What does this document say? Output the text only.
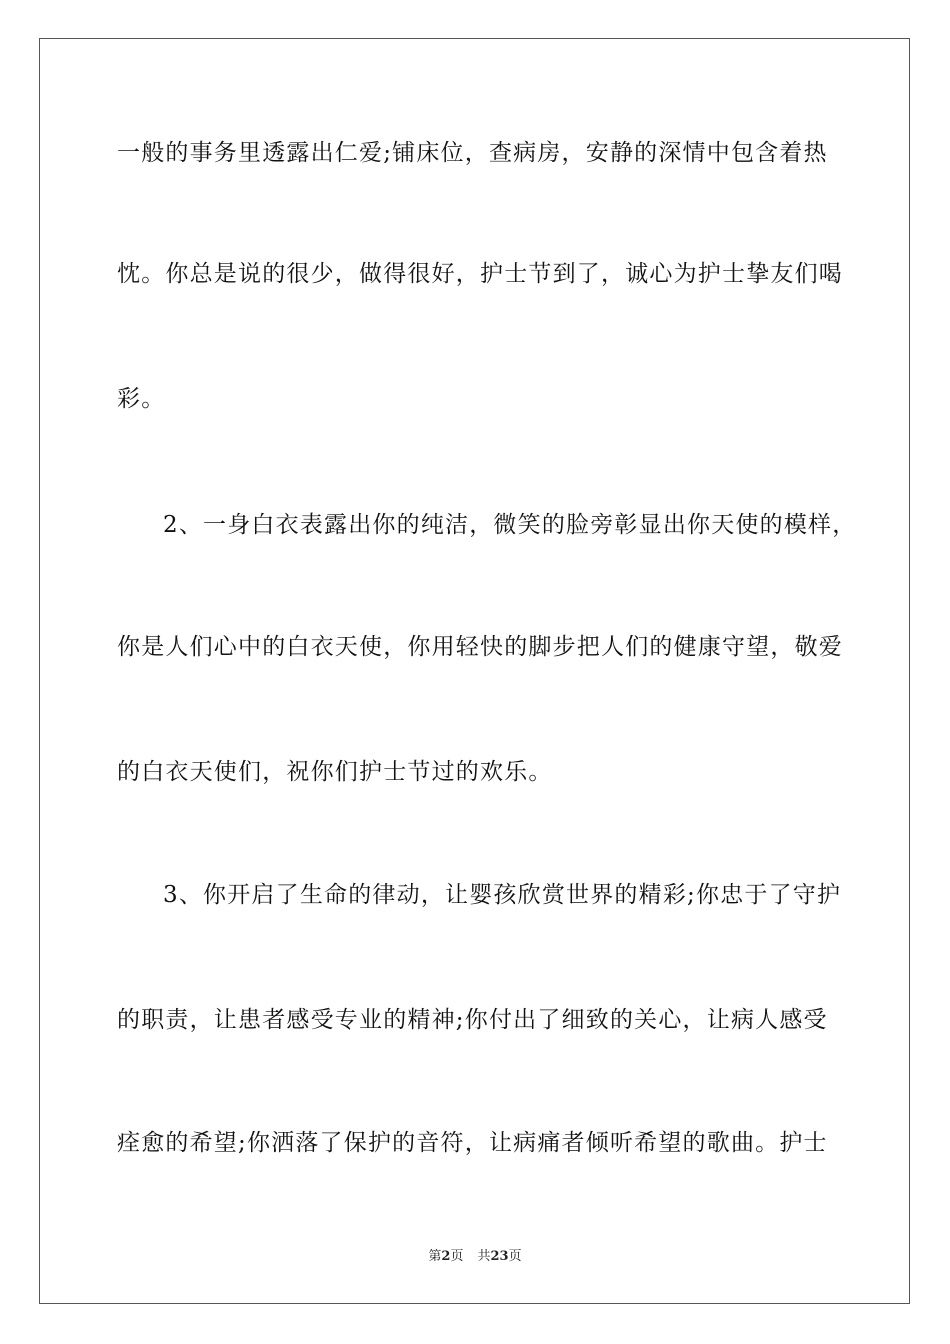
一般的事务里透露出仁爱;铺床位，查病房，安静的深情中包含着热
忱。你总是说的很少，做得很好，护士节到了，诚心为护士挚友们喝
彩。
2、一身白衣表露出你的纯洁，微笑的脸旁彰显出你天使的模样，
你是人们心中的白衣天使，你用轻快的脚步把人们的健康守望，敬爱
的白衣天使们，祝你们护士节过的欢乐。
3、你开启了生命的律动，让婴孩欣赏世界的精彩;你忠于了守护
的职责，让患者感受专业的精神;你付出了细致的关心，让病人感受
痊愈的希望;你洒落了保护的音符，让病痛者倾听希望的歌曲。护士
第2页 共23页
